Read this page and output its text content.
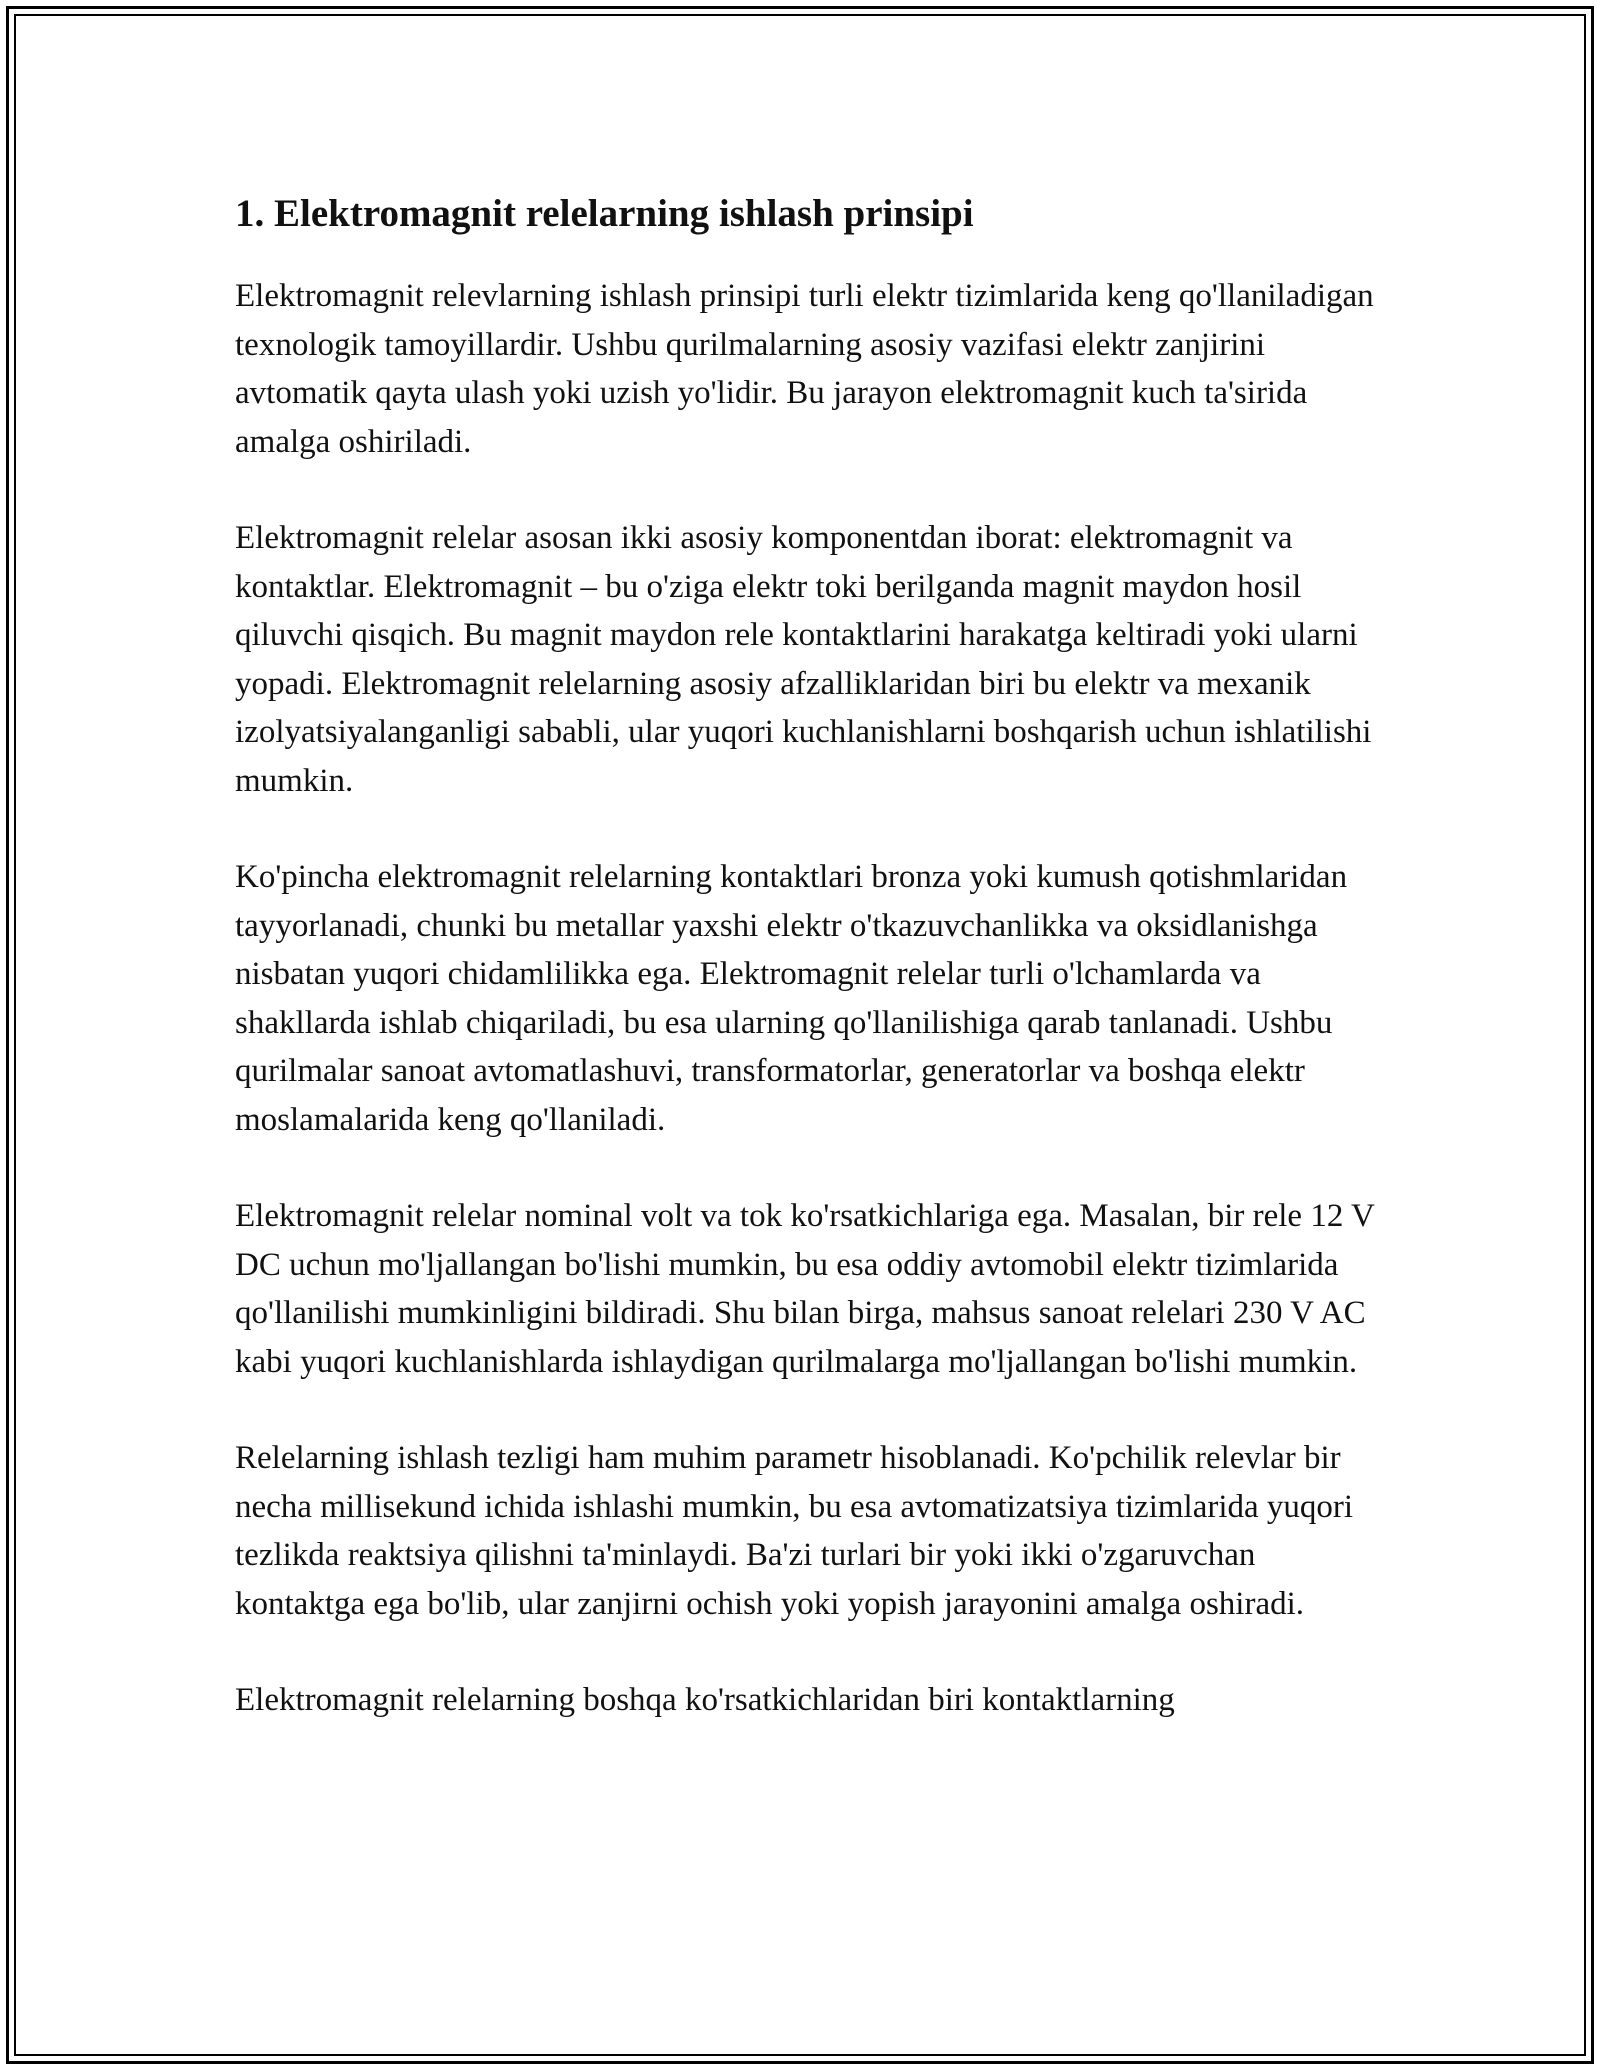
1. Elektromagnit relelarning ishlash prinsipi

Elektromagnit relevlarning ishlash prinsipi turli elektr tizimlarida keng qo'llaniladigan texnologik tamoyillardir. Ushbu qurilmalarning asosiy vazifasi elektr zanjirini avtomatik qayta ulash yoki uzish yo'lidir. Bu jarayon elektromagnit kuch ta'sirida amalga oshiriladi.

Elektromagnit relelar asosan ikki asosiy komponentdan iborat: elektromagnit va kontaktlar. Elektromagnit – bu o'ziga elektr toki berilganda magnit maydon hosil qiluvchi qisqich. Bu magnit maydon rele kontaktlarini harakatga keltiradi yoki ularni yopadi. Elektromagnit relelarning asosiy afzalliklaridan biri bu elektr va mexanik izolyatsiyalanganligi sababli, ular yuqori kuchlanishlarni boshqarish uchun ishlatilishi mumkin.

Ko'pincha elektromagnit relelarning kontaktlari bronza yoki kumush qotishmlaridan tayyorlanadi, chunki bu metallar yaxshi elektr o'tkazuvchanlikka va oksidlanishga nisbatan yuqori chidamlilikka ega. Elektromagnit relelar turli o'lchamlarda va shakllarda ishlab chiqariladi, bu esa ularning qo'llanilishiga qarab tanlanadi. Ushbu qurilmalar sanoat avtomatlashuvi, transformatorlar, generatorlar va boshqa elektr moslamalarida keng qo'llaniladi.

Elektromagnit relelar nominal volt va tok ko'rsatkichlariga ega. Masalan, bir rele 12 V DC uchun mo'ljallangan bo'lishi mumkin, bu esa oddiy avtomobil elektr tizimlarida qo'llanilishi mumkinligini bildiradi. Shu bilan birga, mahsus sanoat relelari 230 V AC kabi yuqori kuchlanishlarda ishlaydigan qurilmalarga mo'ljallangan bo'lishi mumkin.

Relelarning ishlash tezligi ham muhim parametr hisoblanadi. Ko'pchilik relevlar bir necha millisekund ichida ishlashi mumkin, bu esa avtomatizatsiya tizimlarida yuqori tezlikda reaktsiya qilishni ta'minlaydi. Ba'zi turlari bir yoki ikki o'zgaruvchan kontaktga ega bo'lib, ular zanjirni ochish yoki yopish jarayonini amalga oshiradi.

Elektromagnit relelarning boshqa ko'rsatkichlaridan biri kontaktlarning
